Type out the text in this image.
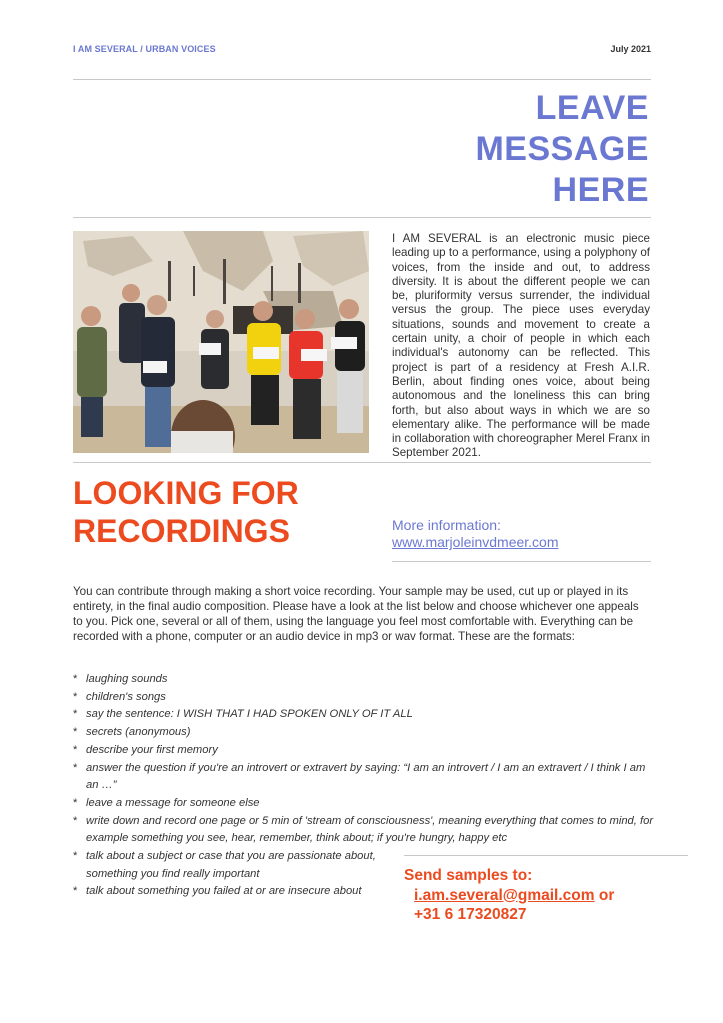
I AM SEVERAL / URBAN VOICES	July 2021
LEAVE
MESSAGE
HERE
I AM SEVERAL is an electronic music piece leading up to a performance, using a polyphony of voices, from the inside and out, to address diversity. It is about the different people we can be, pluriformity versus surrender, the individual versus the group. The piece uses everyday situations, sounds and movement to create a certain unity, a choir of people in which each individual's autonomy can be reflected. This project is part of a residency at Fresh A.I.R. Berlin, about finding ones voice, about being autonomous and the loneliness this can bring forth, but also about ways in which we are so elementary alike. The performance will be made in collaboration with choreographer Merel Franx in September 2021.
LOOKING FOR
RECORDINGS	More information:
www.marjoleinvdmeer.com
You can contribute through making a short voice recording. Your sample may be used, cut up or played in its entirety, in the final audio composition. Please have a look at the list below and choose whichever one appeals to you. Pick one, several or all of them, using the language you feel most comfortable with. Everything can be recorded with a phone, computer or an audio device in mp3 or wav format. These are the formats:
* laughing sounds
* children's songs
* say the sentence: I WISH THAT I HAD SPOKEN ONLY OF IT ALL
* secrets (anonymous)
* describe your first memory
* answer the question if you're an introvert or extravert by saying: “I am an introvert / I am an extravert / I think I am an …”
* leave a message for someone else
* write down and record one page or 5 min of 'stream of consciousness', meaning everything that comes to mind, for example something you see, hear, remember, think about; if you're hungry, happy etc
* talk about a subject or case that you are passionate about, something you find really important
* talk about something you failed at or are insecure about
Send samples to:
i.am.several@gmail.com or
+31 6 17320827
